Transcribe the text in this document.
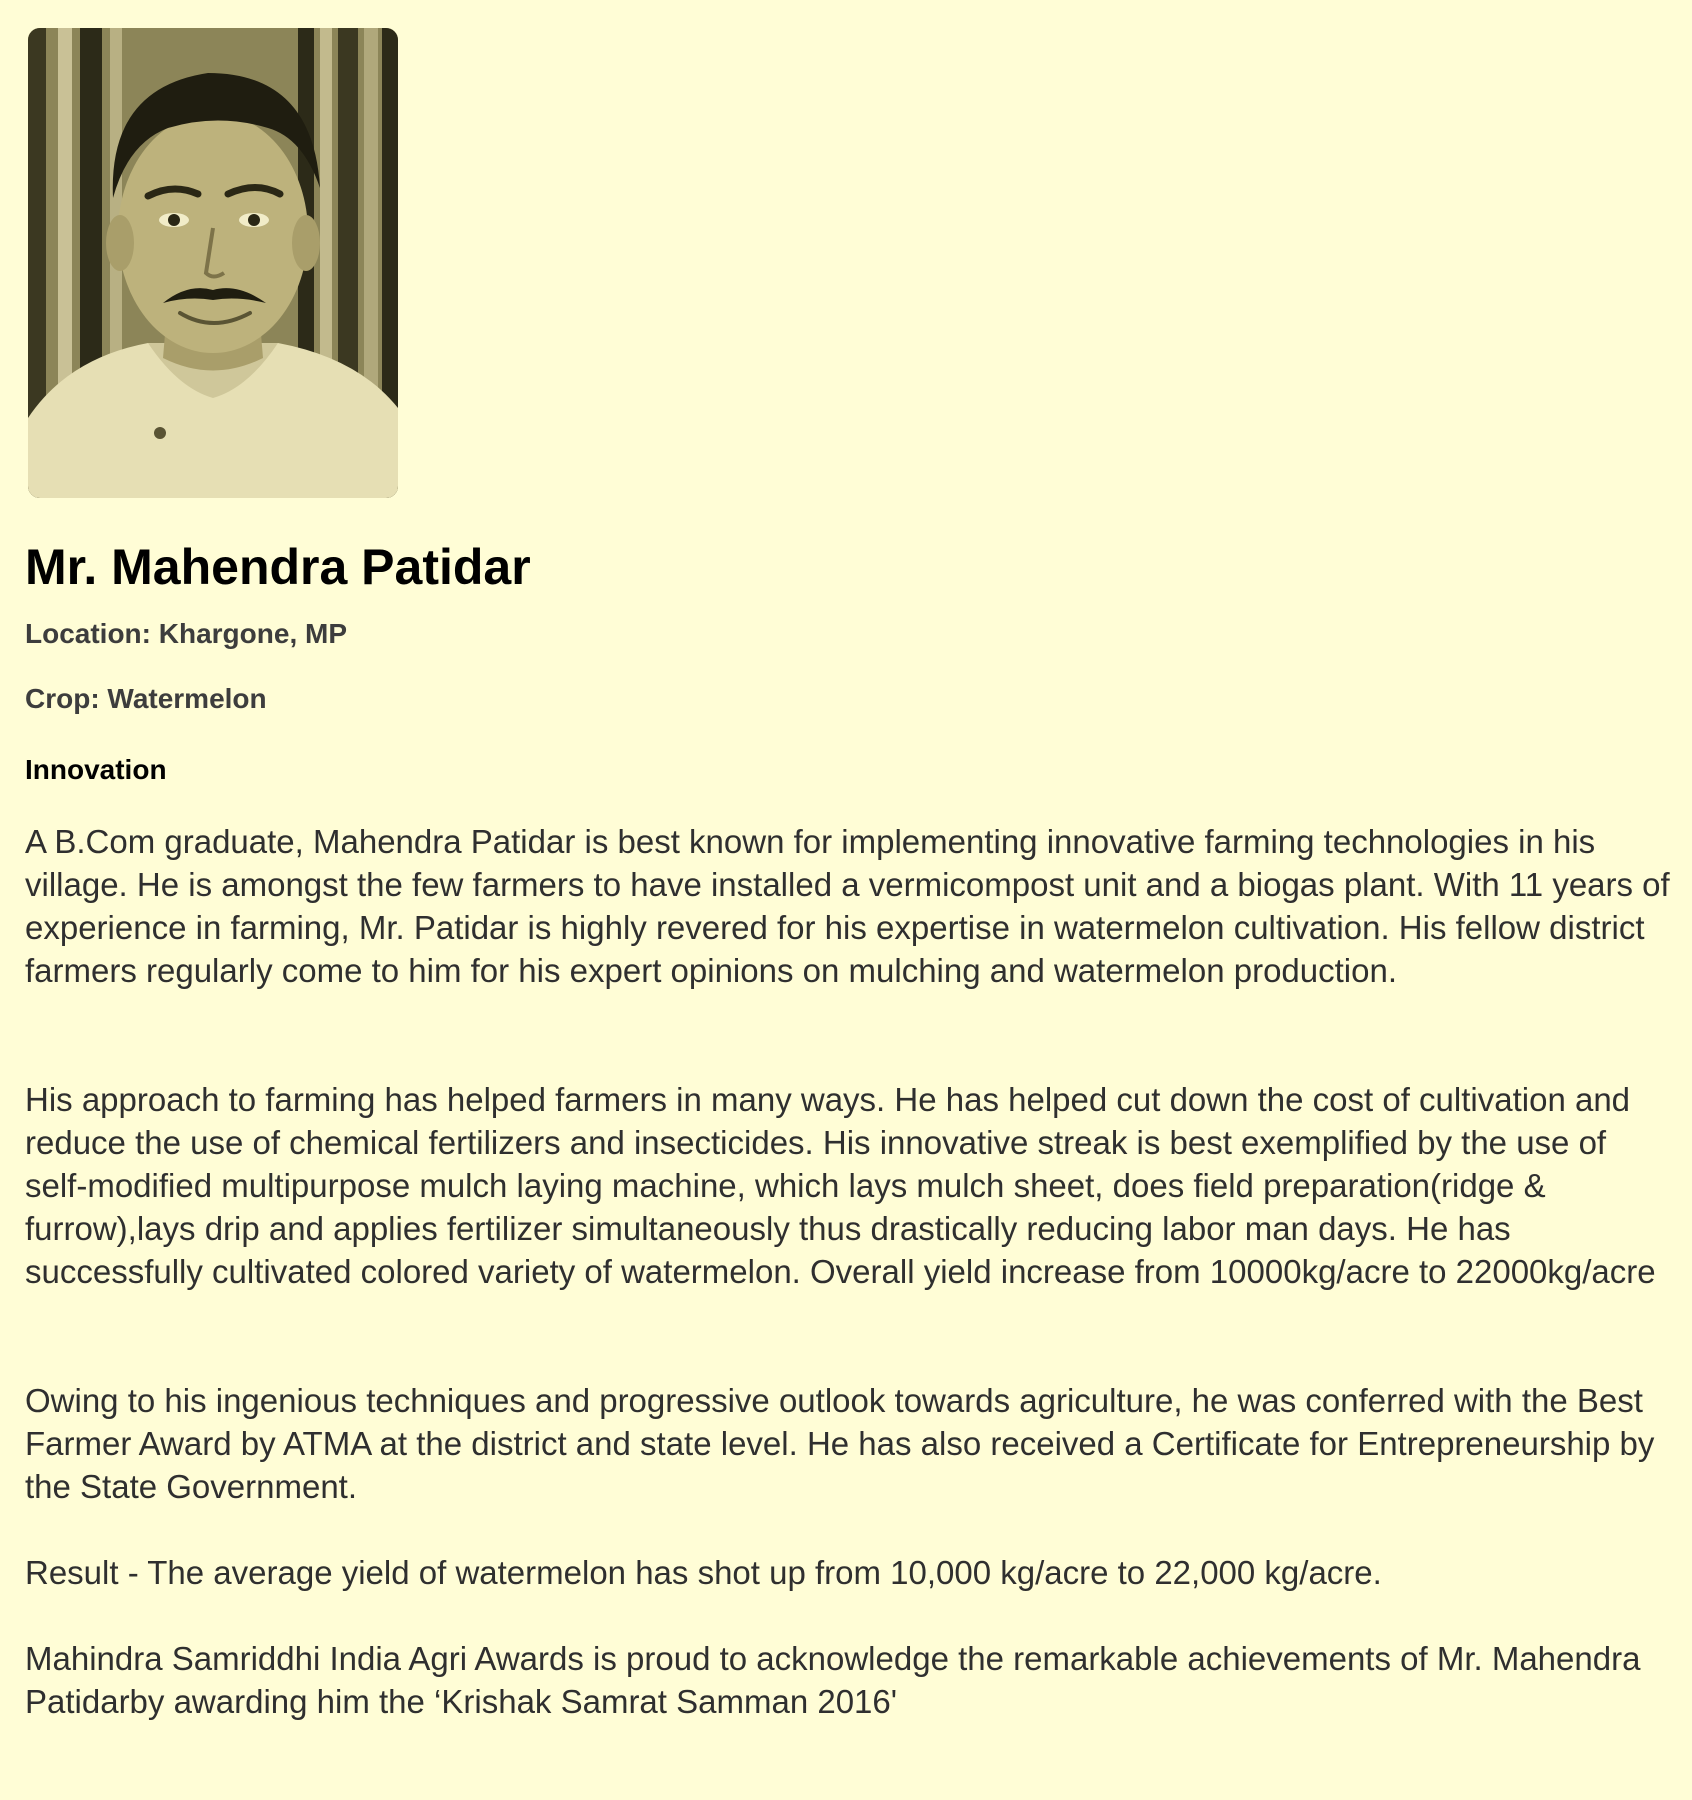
Mr. Mahendra Patidar

Location: Khargone, MP

Crop: Watermelon

Innovation

A B.Com graduate, Mahendra Patidar is best known for implementing innovative farming technologies in his village. He is amongst the few farmers to have installed a vermicompost unit and a biogas plant. With 11 years of experience in farming, Mr. Patidar is highly revered for his expertise in watermelon cultivation. His fellow district farmers regularly come to him for his expert opinions on mulching and watermelon production.

His approach to farming has helped farmers in many ways. He has helped cut down the cost of cultivation and reduce the use of chemical fertilizers and insecticides. His innovative streak is best exemplified by the use of self-modified multipurpose mulch laying machine, which lays mulch sheet, does field preparation(ridge & furrow),lays drip and applies fertilizer simultaneously thus drastically reducing labor man days. He has successfully cultivated colored variety of watermelon. Overall yield increase from 10000kg/acre to 22000kg/acre

Owing to his ingenious techniques and progressive outlook towards agriculture, he was conferred with the Best Farmer Award by ATMA at the district and state level. He has also received a Certificate for Entrepreneurship by the State Government.

Result - The average yield of watermelon has shot up from 10,000 kg/acre to 22,000 kg/acre.

Mahindra Samriddhi India Agri Awards is proud to acknowledge the remarkable achievements of Mr. Mahendra Patidarby awarding him the ‘Krishak Samrat Samman 2016'
